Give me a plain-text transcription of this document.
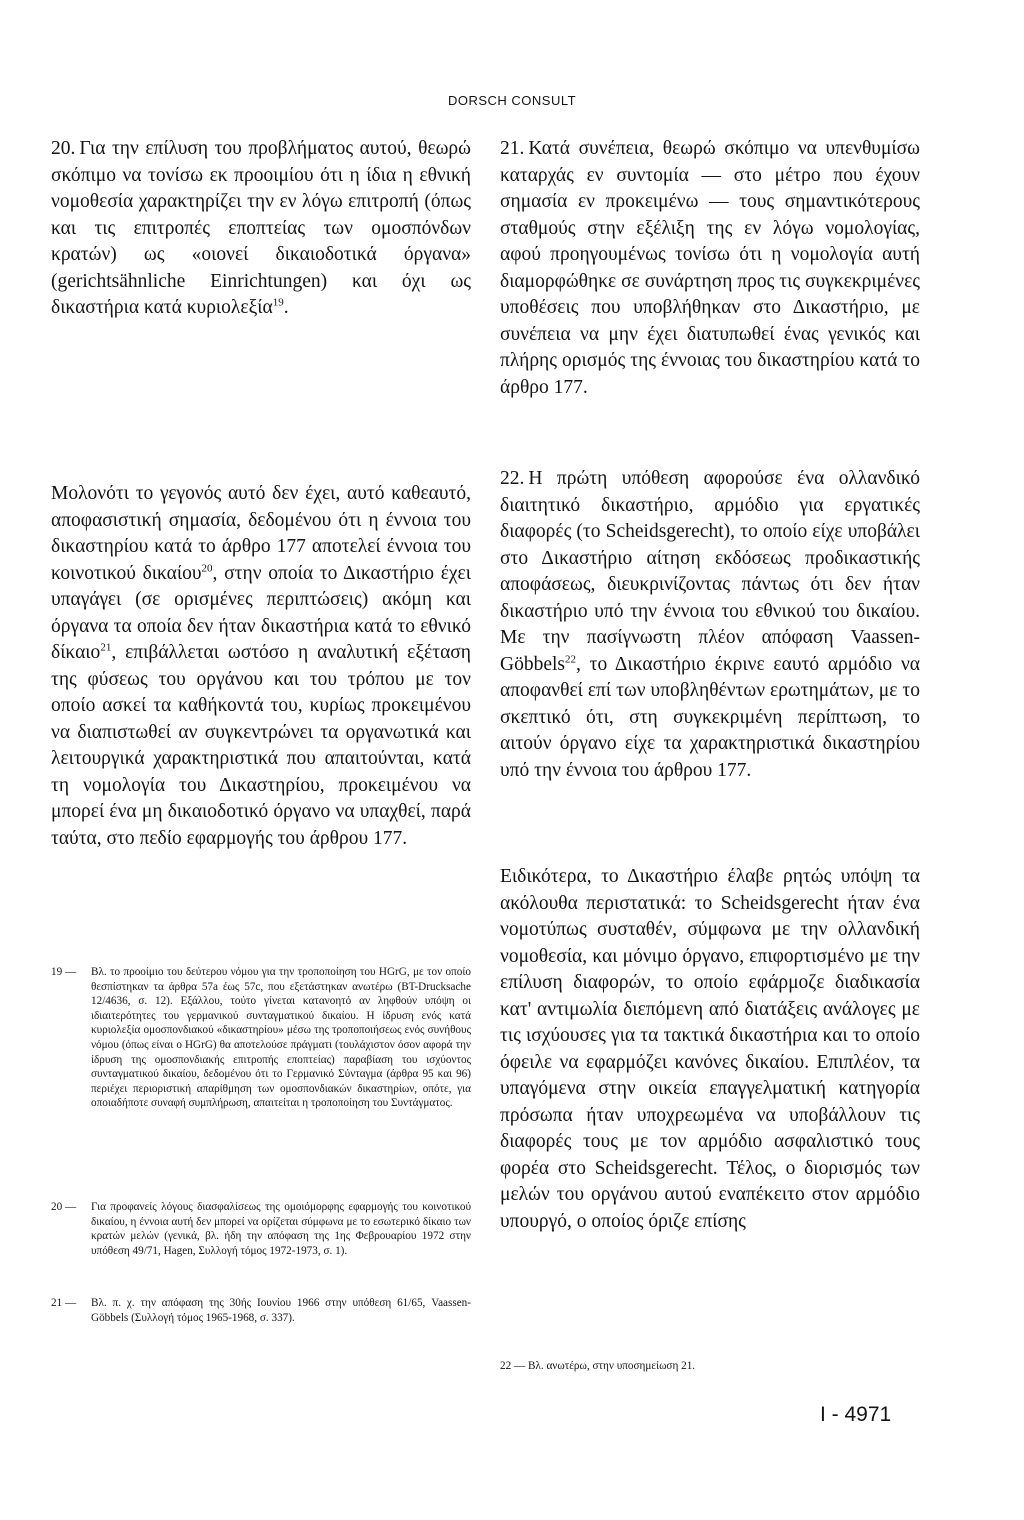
DORSCH CONSULT

20. Για την επίλυση του προβλήματος αυτού, θεωρώ σκόπιμο να τονίσω εκ προοιμίου ότι η ίδια η εθνική νομοθεσία χαρακτηρίζει την εν λόγω επιτροπή (όπως και τις επιτροπές εποπτείας των ομοσπόνδων κρατών) ως «οιονεί δικαιοδοτικά όργανα» (gerichtsähnliche Einrichtungen) και όχι ως δικαστήρια κατά κυριολεξία$^{19}$.

Μολονότι το γεγονός αυτό δεν έχει, αυτό καθεαυτό, αποφασιστική σημασία, δεδομένου ότι η έννοια του δικαστηρίου κατά το άρθρο 177 αποτελεί έννοια του κοινοτικού δικαίου$^{20}$, στην οποία το Δικαστήριο έχει υπαγάγει (σε ορισμένες περιπτώσεις) ακόμη και όργανα τα οποία δεν ήταν δικαστήρια κατά το εθνικό δίκαιο$^{21}$, επιβάλλεται ωστόσο η αναλυτική εξέταση της φύσεως του οργάνου και του τρόπου με τον οποίο ασκεί τα καθήκοντά του, κυρίως προκειμένου να διαπιστωθεί αν συγκεντρώνει τα οργανωτικά και λειτουργικά χαρακτηριστικά που απαιτούνται, κατά τη νομολογία του Δικαστηρίου, προκειμένου να μπορεί ένα μη δικαιοδοτικό όργανο να υπαχθεί, παρά ταύτα, στο πεδίο εφαρμογής του άρθρου 177.

19 —	Βλ. το προοίμιο του δεύτερου νόμου για την τροποποίηση του HGrG, με τον οποίο θεσπίστηκαν τα άρθρα 57a έως 57c, που εξετάστηκαν ανωτέρω (BT-Drucksache 12/4636, σ. 12). Εξάλλου, τούτο γίνεται κατανοητό αν ληφθούν υπόψη οι ιδιαιτερότητες του γερμανικού συνταγματικού δικαίου. Η ίδρυση ενός κατά κυριολεξία ομοσπονδιακού «δικαστηρίου» μέσω της τροποποιήσεως ενός συνήθους νόμου (όπως είναι ο HGrG) θα αποτελούσε πράγματι (τουλάχιστον όσον αφορά την ίδρυση της ομοσπονδιακής επιτροπής εποπτείας) παραβίαση του ισχύοντος συνταγματικού δικαίου, δεδομένου ότι το Γερμανικό Σύνταγμα (άρθρα 95 και 96) περιέχει περιοριστική απαρίθμηση των ομοσπονδιακών δικαστηρίων, οπότε, για οποιαδήποτε συναφή συμπλήρωση, απαιτείται η τροποποίηση του Συντάγματος.
20 —	Για προφανείς λόγους διασφαλίσεως της ομοιόμορφης εφαρμογής του κοινοτικού δικαίου, η έννοια αυτή δεν μπορεί να ορίζεται σύμφωνα με το εσωτερικό δίκαιο των κρατών μελών (γενικά, βλ. ήδη την απόφαση της 1ης Φεβρουαρίου 1972 στην υπόθεση 49/71, Hagen, Συλλογή τόμος 1972-1973, σ. 1).
21 —	Βλ. π. χ. την απόφαση της 30ής Ιουνίου 1966 στην υπόθεση 61/65, Vaassen-Göbbels (Συλλογή τόμος 1965-1968, σ. 337).

21. Κατά συνέπεια, θεωρώ σκόπιμο να υπενθυμίσω καταρχάς εν συντομία — στο μέτρο που έχουν σημασία εν προκειμένω — τους σημαντικότερους σταθμούς στην εξέλιξη της εν λόγω νομολογίας, αφού προηγουμένως τονίσω ότι η νομολογία αυτή διαμορφώθηκε σε συνάρτηση προς τις συγκεκριμένες υποθέσεις που υποβλήθηκαν στο Δικαστήριο, με συνέπεια να μην έχει διατυπωθεί ένας γενικός και πλήρης ορισμός της έννοιας του δικαστηρίου κατά το άρθρο 177.

22. Η πρώτη υπόθεση αφορούσε ένα ολλανδικό διαιτητικό δικαστήριο, αρμόδιο για εργατικές διαφορές (το Scheidsgerecht), το οποίο είχε υποβάλει στο Δικαστήριο αίτηση εκδόσεως προδικαστικής αποφάσεως, διευκρινίζοντας πάντως ότι δεν ήταν δικαστήριο υπό την έννοια του εθνικού του δικαίου. Με την πασίγνωστη πλέον απόφαση Vaassen-Göbbels$^{22}$, το Δικαστήριο έκρινε εαυτό αρμόδιο να αποφανθεί επί των υποβληθέντων ερωτημάτων, με το σκεπτικό ότι, στη συγκεκριμένη περίπτωση, το αιτούν όργανο είχε τα χαρακτηριστικά δικαστηρίου υπό την έννοια του άρθρου 177.

Ειδικότερα, το Δικαστήριο έλαβε ρητώς υπόψη τα ακόλουθα περιστατικά: το Scheidsgerecht ήταν ένα νομοτύπως συσταθέν, σύμφωνα με την ολλανδική νομοθεσία, και μόνιμο όργανο, επιφορτισμένο με την επίλυση διαφορών, το οποίο εφάρμοζε διαδικασία κατ' αντιμωλία διεπόμενη από διατάξεις ανάλογες με τις ισχύουσες για τα τακτικά δικαστήρια και το οποίο όφειλε να εφαρμόζει κανόνες δικαίου. Επιπλέον, τα υπαγόμενα στην οικεία επαγγελματική κατηγορία πρόσωπα ήταν υποχρεωμένα να υποβάλλουν τις διαφορές τους με τον αρμόδιο ασφαλιστικό τους φορέα στο Scheidsgerecht. Τέλος, ο διορισμός των μελών του οργάνου αυτού εναπέκειτο στον αρμόδιο υπουργό, ο οποίος όριζε επίσης

22 — Βλ. ανωτέρω, στην υποσημείωση 21.
I - 4971
